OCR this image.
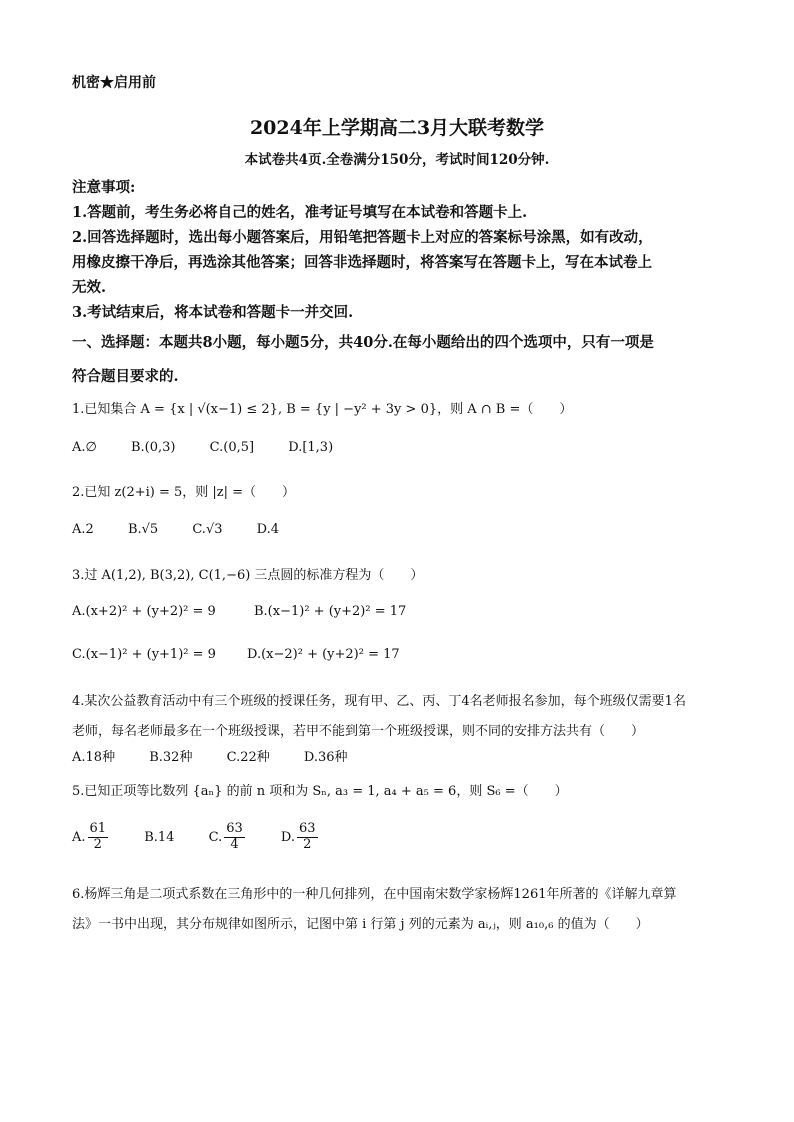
机密★启用前
2024年上学期高二3月大联考数学
本试卷共4页.全卷满分150分，考试时间120分钟.
注意事项:
1.答题前，考生务必将自己的姓名，准考证号填写在本试卷和答题卡上.
2.回答选择题时，选出每小题答案后，用铅笔把答题卡上对应的答案标号涂黑，如有改动，
用橡皮擦干净后，再选涂其他答案；回答非选择题时，将答案写在答题卡上，写在本试卷上
无效.
3.考试结束后，将本试卷和答题卡一并交回.
一、选择题：本题共8小题，每小题5分，共40分.在每小题给出的四个选项中，只有一项是
符合题目要求的.
1.已知集合 A = {x | √(x−1) ≤ 2}, B = {y | −y² + 3y > 0}，则 A ∩ B =（　　）
A.∅	B.(0,3)	C.(0,5]	D.[1,3)
2.已知 z(2+i) = 5，则 |z| =（　　）
A.2	B.√5	C.√3	D.4
3.过 A(1,2), B(3,2), C(1,−6) 三点圆的标准方程为（　　）
A.(x+2)² + (y+2)² = 9	B.(x−1)² + (y+2)² = 17
C.(x−1)² + (y+1)² = 9 D.(x−2)² + (y+2)² = 17
4.某次公益教育活动中有三个班级的授课任务，现有甲、乙、丙、丁4名老师报名参加，每个班级仅需要1名
老师，每名老师最多在一个班级授课，若甲不能到第一个班级授课，则不同的安排方法共有（　　）
A.18种	B.32种	C.22种	D.36种
5.已知正项等比数列 {aₙ} 的前 n 项和为 Sₙ, a₃ = 1, a₄ + a₅ = 6，则 S₆ =（　　）
A. $\frac{61}{2}$	B.14	C. $\frac{63}{4}$	D. $\frac{63}{2}$
6.杨辉三角是二项式系数在三角形中的一种几何排列，在中国南宋数学家杨辉1261年所著的《详解九章算
法》一书中出现，其分布规律如图所示，记图中第 i 行第 j 列的元素为 aᵢ,ⱼ，则 a₁₀,₆ 的值为（　　）
